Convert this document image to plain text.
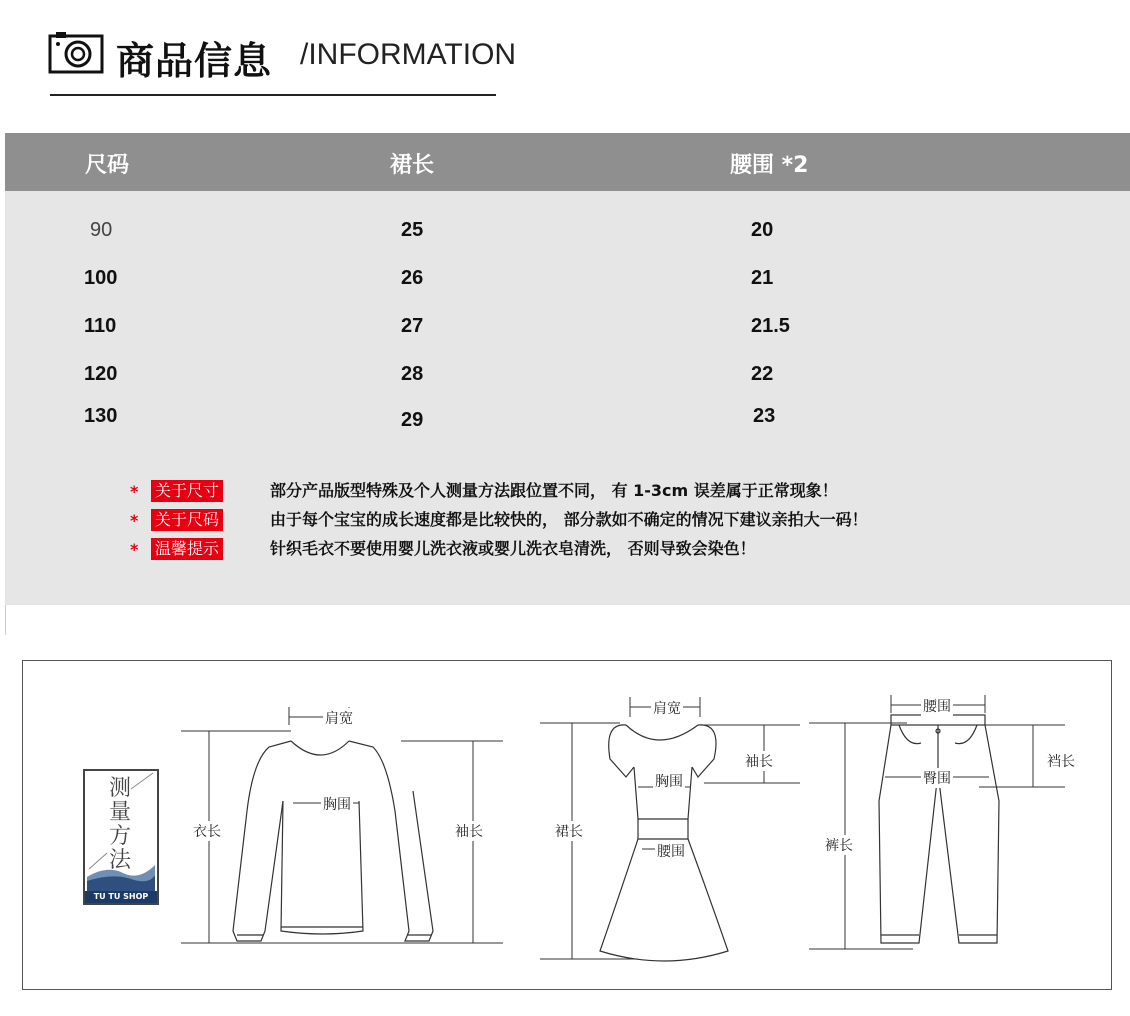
商品信息 /INFORMATION
尺码	裙长	腰围 *2
90	25	20
100	26	21
110	27	21.5
120	28	22
130	29	23
* 关于尺寸	部分产品版型特殊及个人测量方法跟位置不同， 有 1-3cm 误差属于正常现象！
* 关于尺码	由于每个宝宝的成长速度都是比较快的， 部分款如不确定的情况下建议亲拍大一码！
* 温馨提示	针织毛衣不要使用婴儿洗衣液或婴儿洗衣皂清洗， 否则导致会染色！
测
量
方
法
TU TU SHOP
肩宽
胸围
衣长	袖长
肩宽
袖长
胸围
腰围
裙长
腰围
裆长
臀围
裤长
